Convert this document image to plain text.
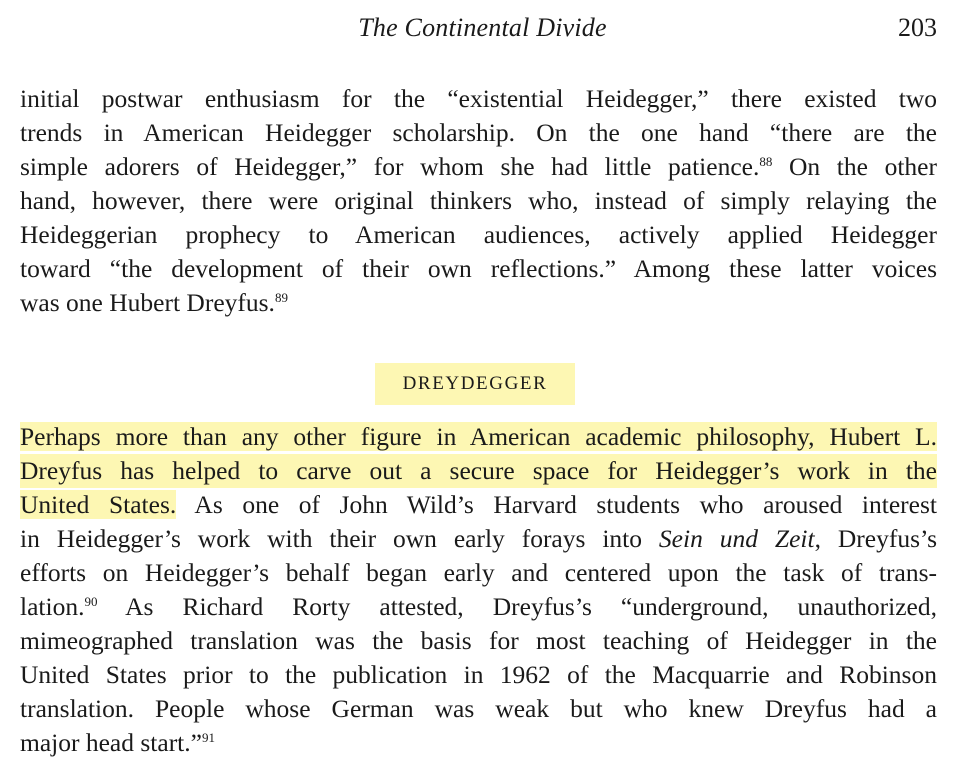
The Continental Divide	203
initial postwar enthusiasm for the “existential Heidegger,” there existed two
trends in American Heidegger scholarship. On the one hand “there are the
simple adorers of Heidegger,” for whom she had little patience.$^{88}$ On the other
hand, however, there were original thinkers who, instead of simply relaying the
Heideggerian prophecy to American audiences, actively applied Heidegger
toward “the development of their own reflections.” Among these latter voices
was one Hubert Dreyfus.$^{89}$
DREYDEGGER
Perhaps more than any other figure in American academic philosophy, Hubert L.
Dreyfus has helped to carve out a secure space for Heidegger’s work in the
United States. As one of John Wild’s Harvard students who aroused interest
in Heidegger’s work with their own early forays into Sein und Zeit, Dreyfus’s
efforts on Heidegger’s behalf began early and centered upon the task of trans-
lation.$^{90}$ As Richard Rorty attested, Dreyfus’s “underground, unauthorized,
mimeographed translation was the basis for most teaching of Heidegger in the
United States prior to the publication in 1962 of the Macquarrie and Robinson
translation. People whose German was weak but who knew Dreyfus had a
major head start.”$^{91}$
